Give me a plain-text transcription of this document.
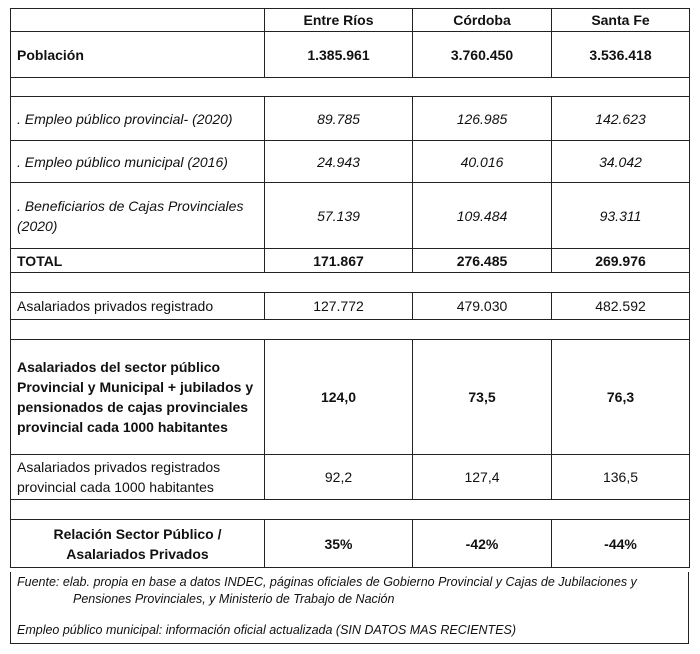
	Entre Ríos	Córdoba	Santa Fe
Población	1.385.961	3.760.450	3.536.418

. Empleo público provincial- (2020)	89.785	126.985	142.623
. Empleo público municipal (2016)	24.943	40.016	34.042
. Beneficiarios de Cajas Provinciales (2020)	57.139	109.484	93.311
TOTAL	171.867	276.485	269.976

Asalariados privados registrado	127.772	479.030	482.592

Asalariados del sector público Provincial y Municipal + jubilados y pensionados de cajas provinciales provincial cada 1000 habitantes	124,0	73,5	76,3
Asalariados privados registrados provincial cada 1000 habitantes	92,2	127,4	136,5

Relación Sector Público / Asalariados Privados	35%	-42%	-44%
Fuente: elab. propia en base a datos INDEC, páginas oficiales de Gobierno Provincial y Cajas de Jubilaciones y
Pensiones Provinciales, y Ministerio de Trabajo de Nación
Empleo público municipal: información oficial actualizada (SIN DATOS MAS RECIENTES)
